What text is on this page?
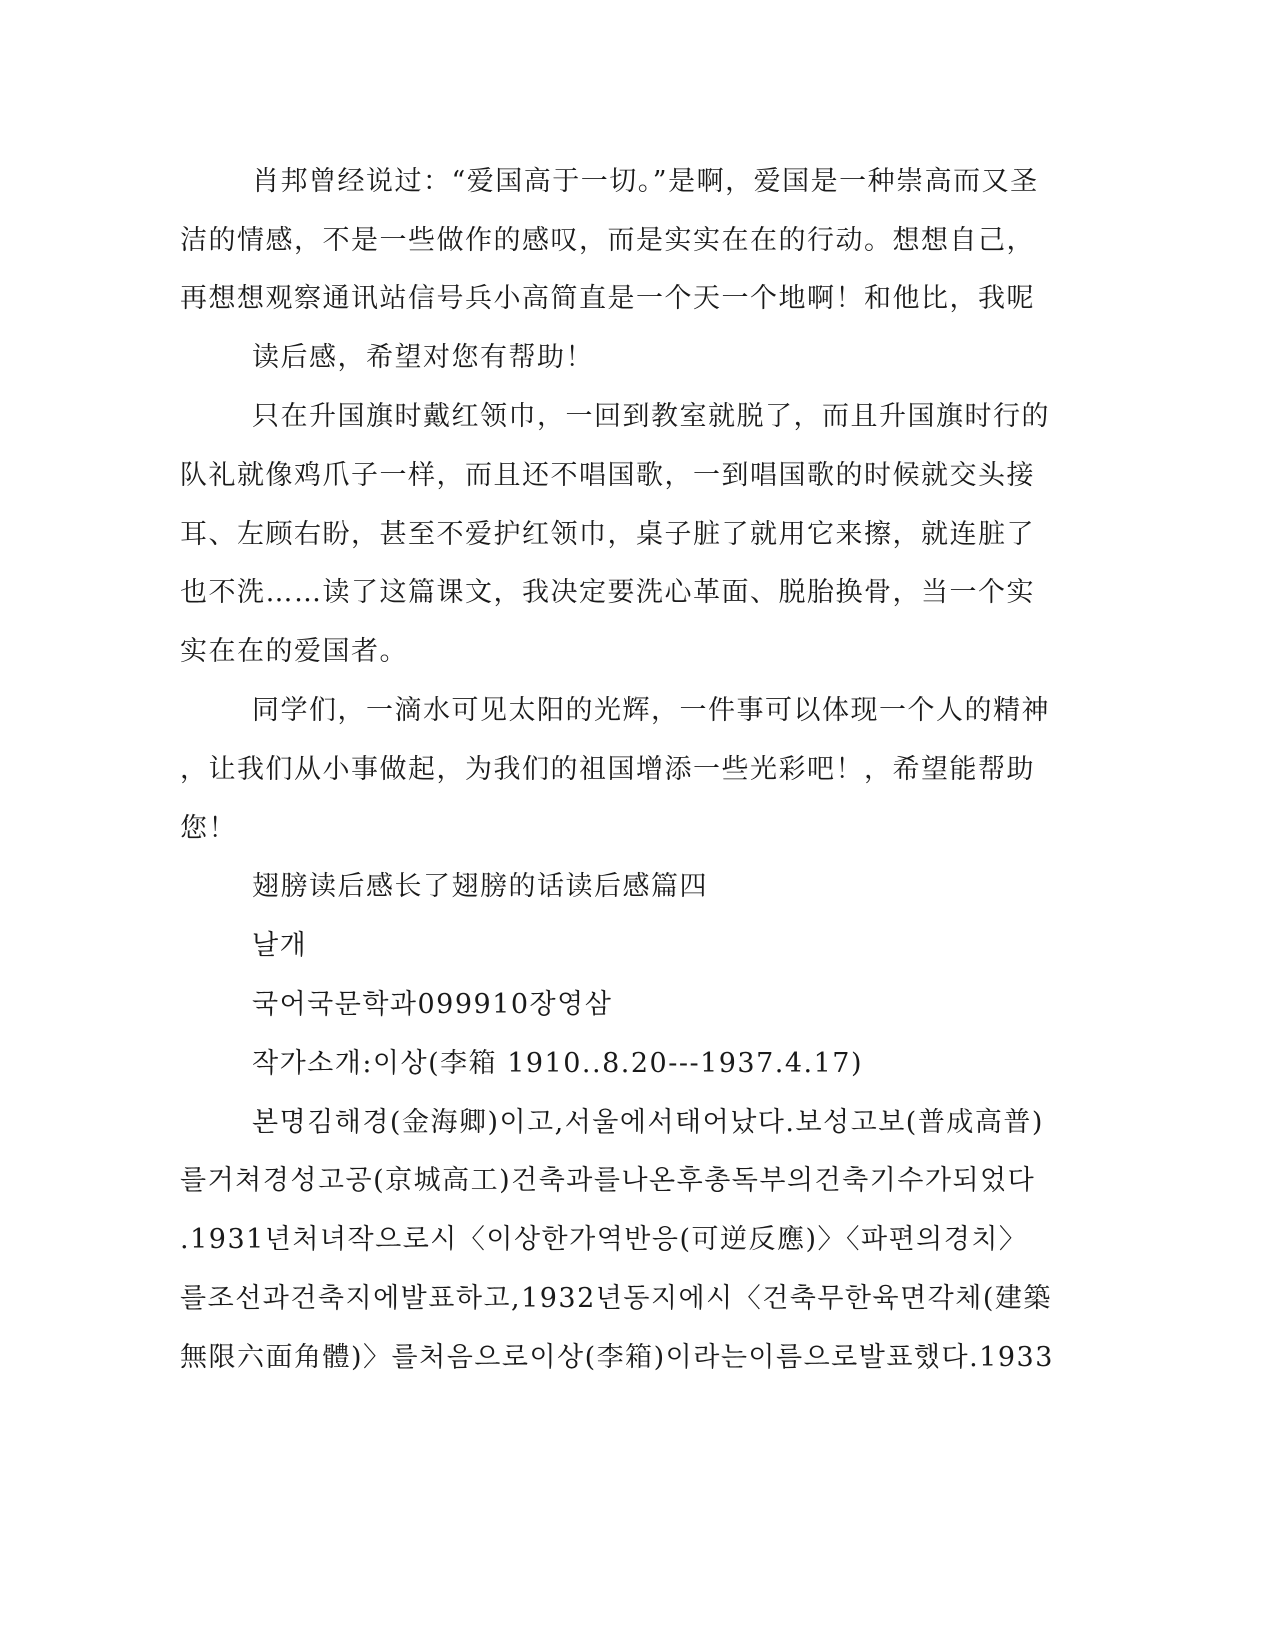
肖邦曾经说过：“爱国高于一切。”是啊，爱国是一种崇高而又圣
洁的情感，不是一些做作的感叹，而是实实在在的行动。想想自己，
再想想观察通讯站信号兵小高简直是一个天一个地啊！和他比，我呢
读后感，希望对您有帮助！
只在升国旗时戴红领巾，一回到教室就脱了，而且升国旗时行的
队礼就像鸡爪子一样，而且还不唱国歌，一到唱国歌的时候就交头接
耳、左顾右盼，甚至不爱护红领巾，桌子脏了就用它来擦，就连脏了
也不洗……读了这篇课文，我决定要洗心革面、脱胎换骨，当一个实
实在在的爱国者。
同学们，一滴水可见太阳的光辉，一件事可以体现一个人的精神
，让我们从小事做起，为我们的祖国增添一些光彩吧！，希望能帮助
您！
翅膀读后感长了翅膀的话读后感篇四
날개
국어국문학과099910장영삼
작가소개:이상(李箱 1910..8.20---1937.4.17)
본명김해경(金海卿)이고,서울에서태어났다.보성고보(普成高普)
를거쳐경성고공(京城高工)건축과를나온후총독부의건축기수가되었다
.1931년처녀작으로시〈이상한가역반응(可逆反應)〉〈파편의경치〉
를조선과건축지에발표하고,1932년동지에시〈건축무한육면각체(建築
無限六面角體)〉를처음으로이상(李箱)이라는이름으로발표했다.1933
